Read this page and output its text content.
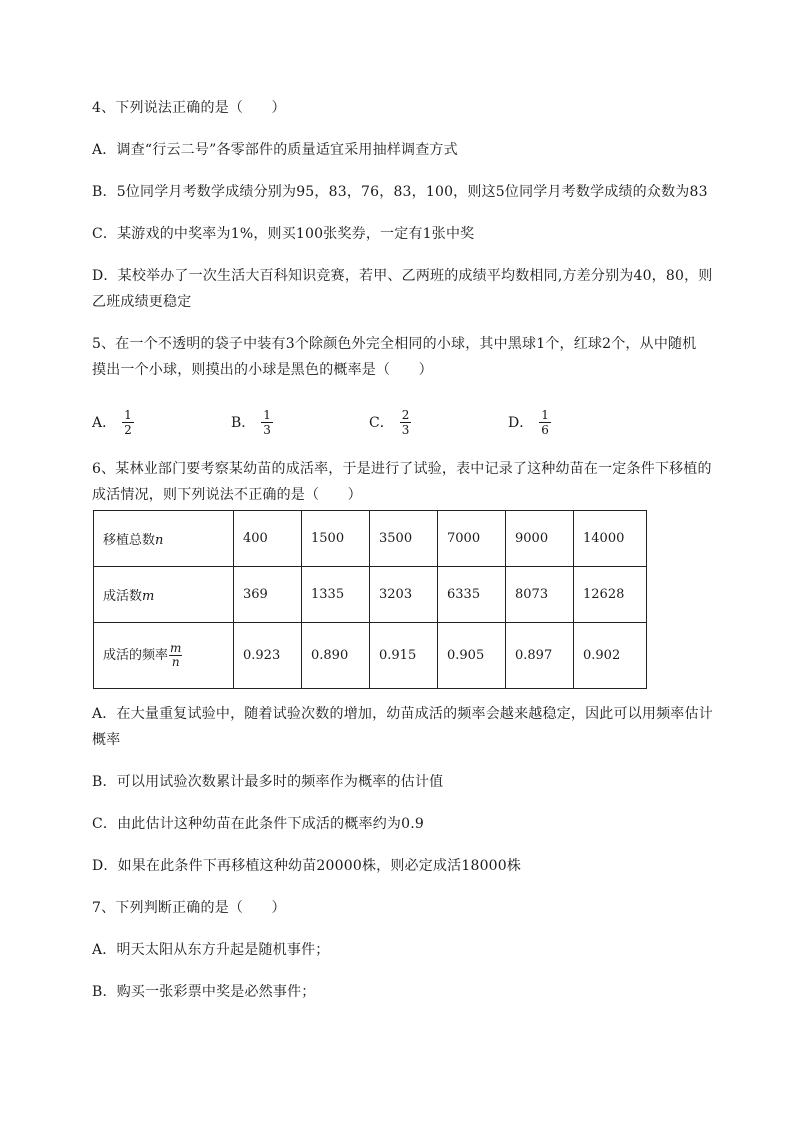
4、下列说法正确的是（　　）
A．调查“行云二号”各零部件的质量适宜采用抽样调查方式
B．5位同学月考数学成绩分别为95，83，76，83，100，则这5位同学月考数学成绩的众数为83
C．某游戏的中奖率为1%，则买100张奖券，一定有1张中奖
D．某校举办了一次生活大百科知识竞赛，若甲、乙两班的成绩平均数相同,方差分别为40，80，则
乙班成绩更稳定
5、在一个不透明的袋子中装有3个除颜色外完全相同的小球，其中黑球1个，红球2个，从中随机
摸出一个小球，则摸出的小球是黑色的概率是（　　）
A． $\frac{1}{2}$	B． $\frac{1}{3}$	C． $\frac{2}{3}$	D． $\frac{1}{6}$
6、某林业部门要考察某幼苗的成活率，于是进行了试验，表中记录了这种幼苗在一定条件下移植的
成活情况，则下列说法不正确的是（　　）
移植总数n	400	1500	3500	7000	9000	14000
成活数m	369	1335	3203	6335	8073	12628
成活的频率 $\frac{m}{n}$	0.923	0.890	0.915	0.905	0.897	0.902
A．在大量重复试验中，随着试验次数的增加，幼苗成活的频率会越来越稳定，因此可以用频率估计
概率
B．可以用试验次数累计最多时的频率作为概率的估计值
C．由此估计这种幼苗在此条件下成活的概率约为0.9
D．如果在此条件下再移植这种幼苗20000株，则必定成活18000株
7、下列判断正确的是（　　）
A．明天太阳从东方升起是随机事件；
B．购买一张彩票中奖是必然事件；
